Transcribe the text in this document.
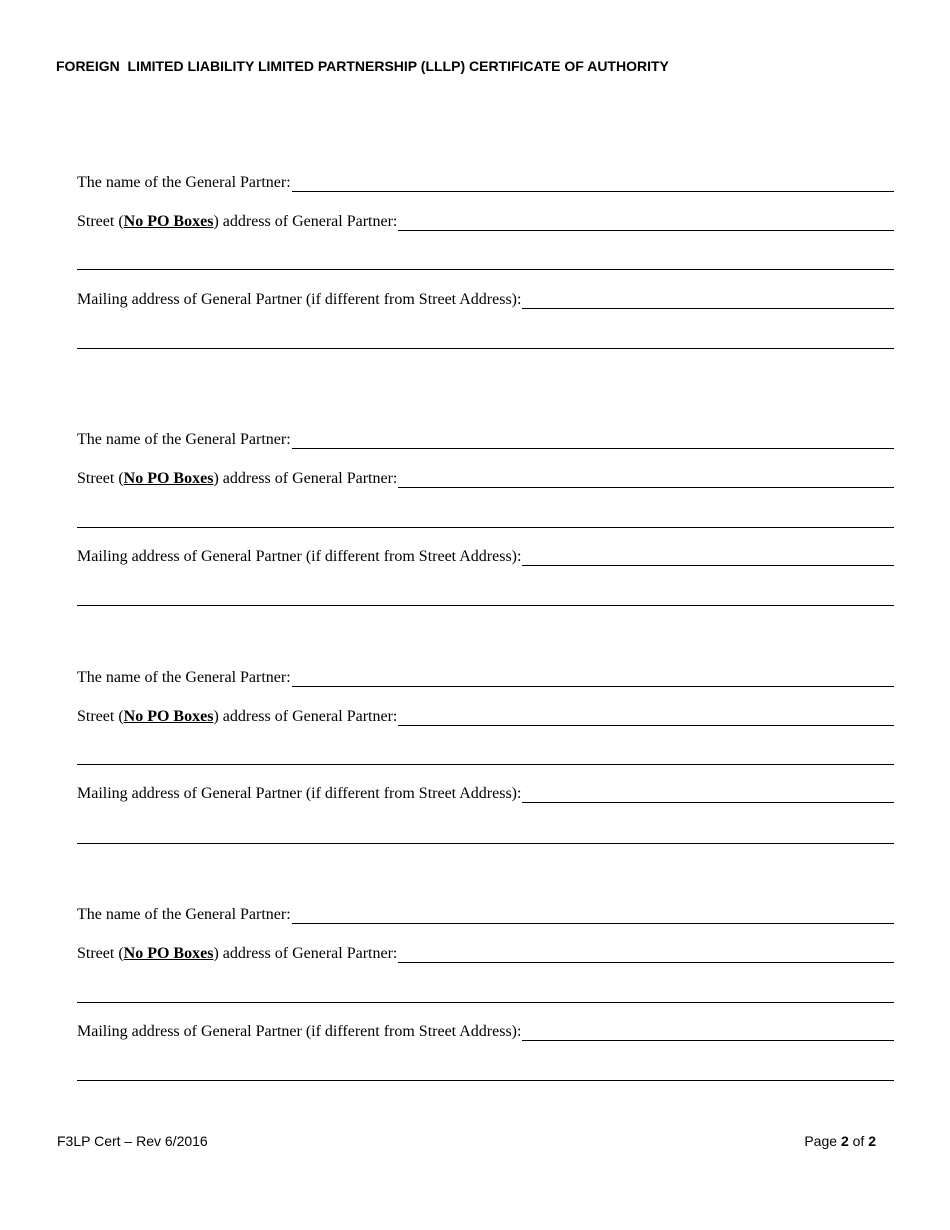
FOREIGN  LIMITED LIABILITY LIMITED PARTNERSHIP (LLLP) CERTIFICATE OF AUTHORITY
The name of the General Partner:
Street (No PO Boxes) address of General Partner:
Mailing address of General Partner (if different from Street Address):
The name of the General Partner:
Street (No PO Boxes) address of General Partner:
Mailing address of General Partner (if different from Street Address):
The name of the General Partner:
Street (No PO Boxes) address of General Partner:
Mailing address of General Partner (if different from Street Address):
The name of the General Partner:
Street (No PO Boxes) address of General Partner:
Mailing address of General Partner (if different from Street Address):
F3LP Cert – Rev 6/2016	Page 2 of 2
